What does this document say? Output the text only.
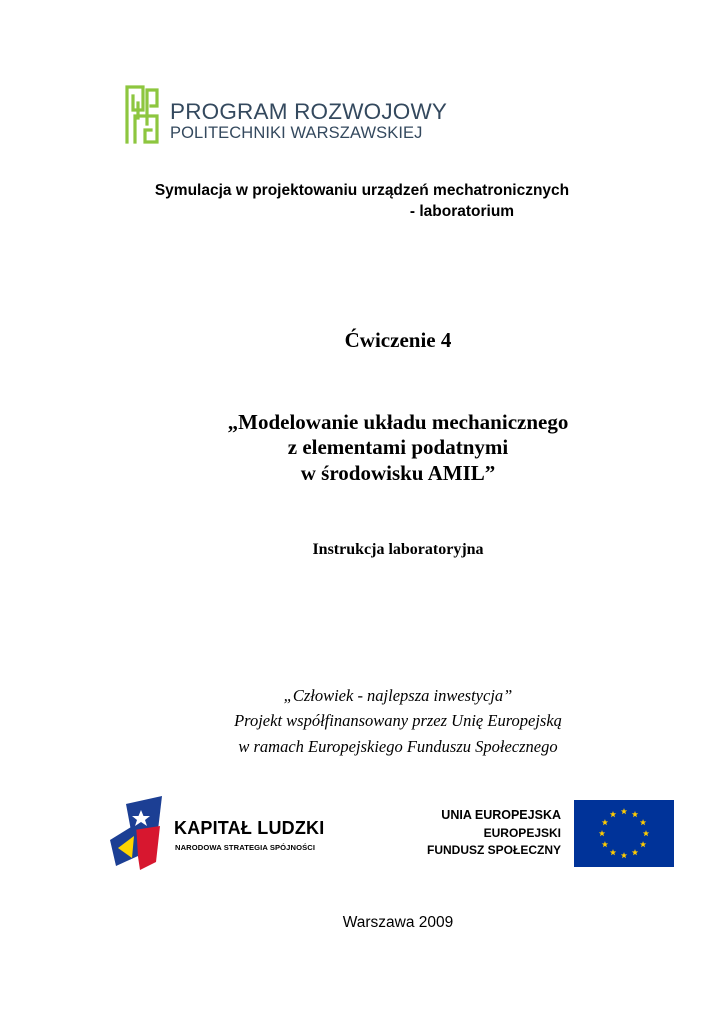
PROGRAM ROZWOJOWY
POLITECHNIKI WARSZAWSKIEJ
Symulacja w projektowaniu urządzeń mechatronicznych
- laboratorium
Ćwiczenie 4
„Modelowanie układu mechanicznego
z elementami podatnymi
w środowisku AMIL”
Instrukcja laboratoryjna
„Człowiek - najlepsza inwestycja”
Projekt współfinansowany przez Unię Europejską
w ramach Europejskiego Funduszu Społecznego
KAPITAŁ LUDZKI
NARODOWA STRATEGIA SPÓJNOŚCI
UNIA EUROPEJSKA
EUROPEJSKI
FUNDUSZ SPOŁECZNY
Warszawa 2009
